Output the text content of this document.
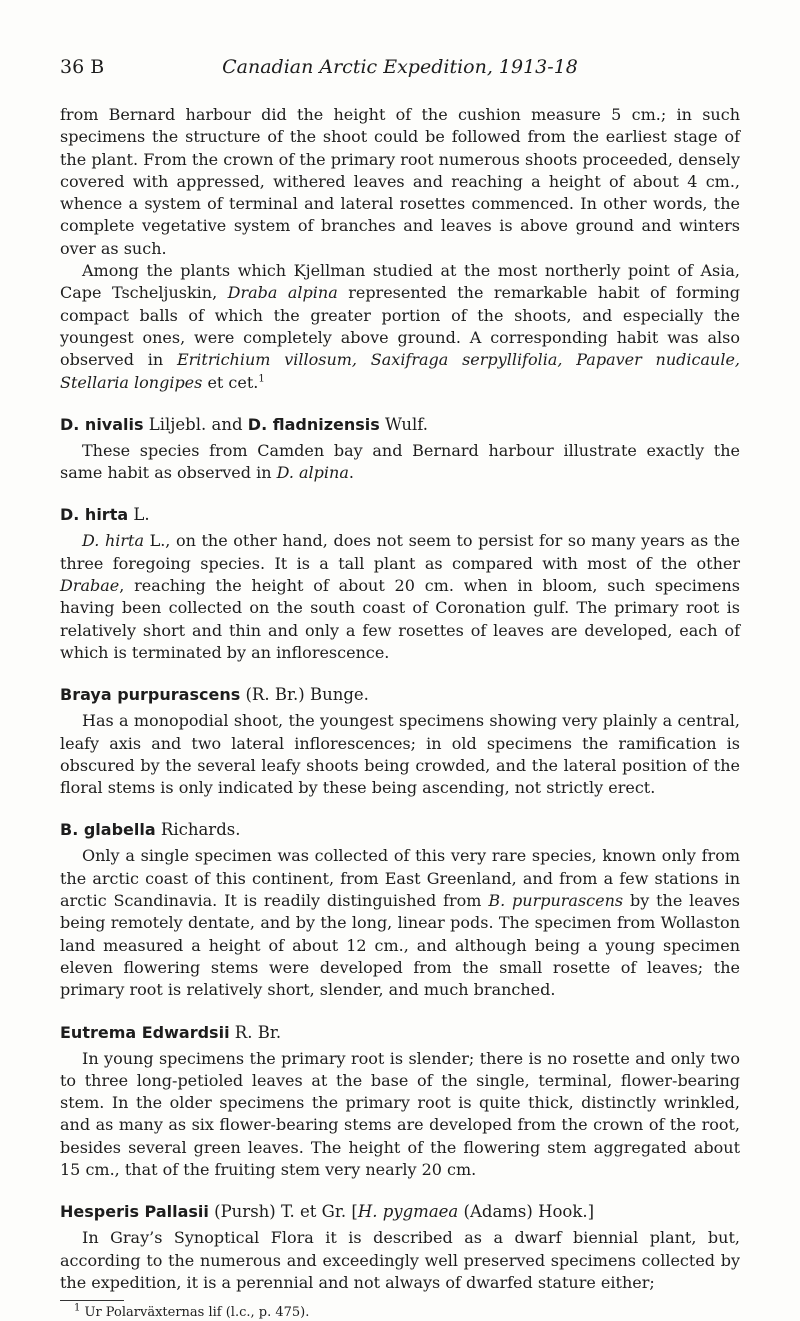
36 B	Canadian Arctic Expedition, 1913-18

from Bernard harbour did the height of the cushion measure 5 cm.; in such specimens the structure of the shoot could be followed from the earliest stage of the plant. From the crown of the primary root numerous shoots proceeded, densely covered with appressed, withered leaves and reaching a height of about 4 cm., whence a system of terminal and lateral rosettes commenced. In other words, the complete vegetative system of branches and leaves is above ground and winters over as such.

Among the plants which Kjellman studied at the most northerly point of Asia, Cape Tscheljuskin, Draba alpina represented the remarkable habit of forming compact balls of which the greater portion of the shoots, and especially the youngest ones, were completely above ground. A corresponding habit was also observed in Eritrichium villosum, Saxifraga serpyllifolia, Papaver nudicaule, Stellaria longipes et cet.$^1$

D. nivalis Liljebl. and D. fladnizensis Wulf.

These species from Camden bay and Bernard harbour illustrate exactly the same habit as observed in D. alpina.

D. hirta L.

D. hirta L., on the other hand, does not seem to persist for so many years as the three foregoing species. It is a tall plant as compared with most of the other Drabae, reaching the height of about 20 cm. when in bloom, such specimens having been collected on the south coast of Coronation gulf. The primary root is relatively short and thin and only a few rosettes of leaves are developed, each of which is terminated by an inflorescence.

Braya purpurascens (R. Br.) Bunge.

Has a monopodial shoot, the youngest specimens showing very plainly a central, leafy axis and two lateral inflorescences; in old specimens the ramification is obscured by the several leafy shoots being crowded, and the lateral position of the floral stems is only indicated by these being ascending, not strictly erect.

B. glabella Richards.

Only a single specimen was collected of this very rare species, known only from the arctic coast of this continent, from East Greenland, and from a few stations in arctic Scandinavia. It is readily distinguished from B. purpurascens by the leaves being remotely dentate, and by the long, linear pods. The specimen from Wollaston land measured a height of about 12 cm., and although being a young specimen eleven flowering stems were developed from the small rosette of leaves; the primary root is relatively short, slender, and much branched.

Eutrema Edwardsii R. Br.

In young specimens the primary root is slender; there is no rosette and only two to three long-petioled leaves at the base of the single, terminal, flower-bearing stem. In the older specimens the primary root is quite thick, distinctly wrinkled, and as many as six flower-bearing stems are developed from the crown of the root, besides several green leaves. The height of the flowering stem aggregated about 15 cm., that of the fruiting stem very nearly 20 cm.

Hesperis Pallasii (Pursh) T. et Gr. [H. pygmaea (Adams) Hook.]

In Gray’s Synoptical Flora it is described as a dwarf biennial plant, but, according to the numerous and exceedingly well preserved specimens collected by the expedition, it is a perennial and not always of dwarfed stature either;

$^1$ Ur Polarväxternas lif (l.c., p. 475).
